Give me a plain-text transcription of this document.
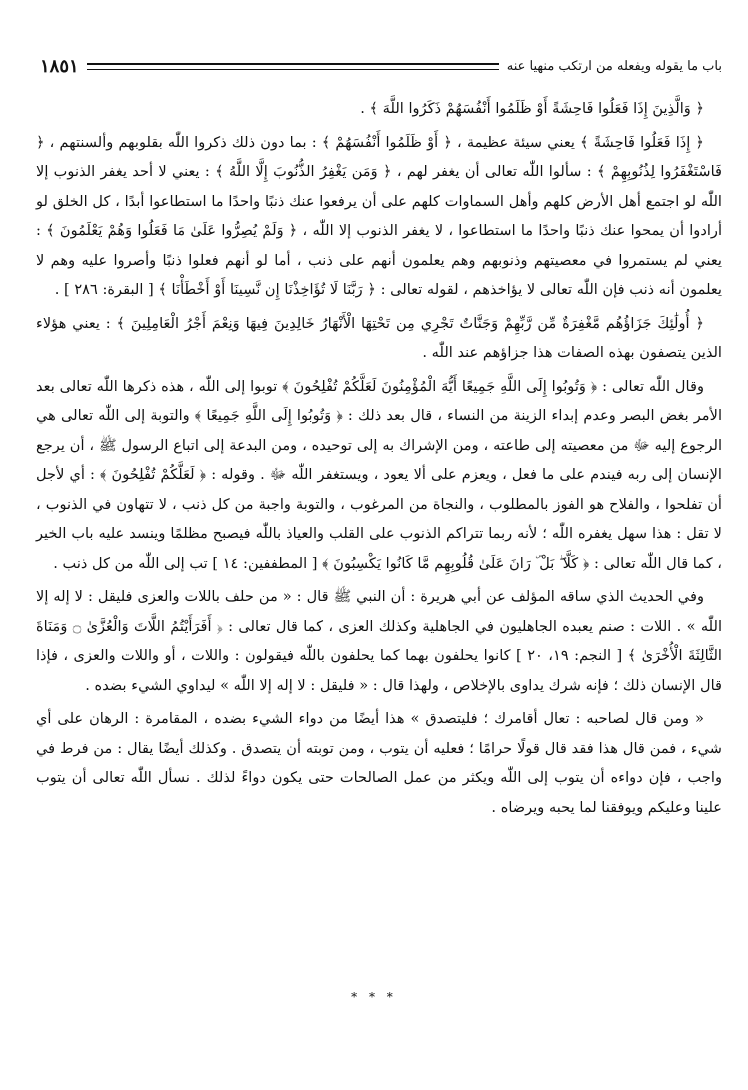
باب ما يقوله ويفعله من ارتكب منهيا عنه
١٨٥١

﴿ وَالَّذِينَ إِذَا فَعَلُوا فَاحِشَةً أَوْ ظَلَمُوا أَنْفُسَهُمْ ذَكَرُوا اللَّهَ ﴾ .

﴿ إِذَا فَعَلُوا فَاحِشَةً ﴾ يعني سيئة عظيمة ، ﴿ أَوْ ظَلَمُوا أَنْفُسَهُمْ ﴾ : بما دون ذلك ذكروا اللّٰه بقلوبهم وألسنتهم ، ﴿ فَاسْتَغْفَرُوا لِذُنُوبِهِمْ ﴾ : سألوا اللّٰه تعالى أن يغفر لهم ، ﴿ وَمَن يَغْفِرُ الذُّنُوبَ إِلَّا اللَّهُ ﴾ : يعني لا أحد يغفر الذنوب إلا اللّٰه لو اجتمع أهل الأرض كلهم وأهل السماوات كلهم على أن يرفعوا عنك ذنبًا واحدًا ما استطاعوا أبدًا ، كل الخلق لو أرادوا أن يمحوا عنك ذنبًا واحدًا ما استطاعوا ، لا يغفر الذنوب إلا اللّٰه ، ﴿ وَلَمْ يُصِرُّوا عَلَىٰ مَا فَعَلُوا وَهُمْ يَعْلَمُونَ ﴾ : يعني لم يستمروا في معصيتهم وذنوبهم وهم يعلمون أنهم على ذنب ، أما لو أنهم فعلوا ذنبًا وأصروا عليه وهم لا يعلمون أنه ذنب فإن اللّٰه تعالى لا يؤاخذهم ، لقوله تعالى : ﴿ رَبَّنَا لَا تُؤَاخِذْنَا إِن نَّسِينَا أَوْ أَخْطَأْنَا ﴾ [ البقرة: ٢٨٦ ] .

﴿ أُولَٰئِكَ جَزَاؤُهُم مَّغْفِرَةٌ مِّن رَّبِّهِمْ وَجَنَّاتٌ تَجْرِي مِن تَحْتِهَا الْأَنْهَارُ خَالِدِينَ فِيهَا وَنِعْمَ أَجْرُ الْعَامِلِينَ ﴾ : يعني هؤلاء الذين يتصفون بهذه الصفات هذا جزاؤهم عند اللّٰه .

وقال اللّٰه تعالى : ﴿ وَتُوبُوا إِلَى اللَّهِ جَمِيعًا أَيُّهَ الْمُؤْمِنُونَ لَعَلَّكُمْ تُفْلِحُونَ ﴾ توبوا إلى اللّٰه ، هذه ذكرها اللّٰه تعالى بعد الأمر بغض البصر وعدم إبداء الزينة من النساء ، قال بعد ذلك : ﴿ وَتُوبُوا إِلَى اللَّهِ جَمِيعًا ﴾ والتوبة إلى اللّٰه تعالى هي الرجوع إليه ﷻ من معصيته إلى طاعته ، ومن الإشراك به إلى توحيده ، ومن البدعة إلى اتباع الرسول ﷺ ، أن يرجع الإنسان إلى ربه فيندم على ما فعل ، ويعزم على ألا يعود ، ويستغفر اللّٰه ﷻ . وقوله : ﴿ لَعَلَّكُمْ تُفْلِحُونَ ﴾ : أي لأجل أن تفلحوا ، والفلاح هو الفوز بالمطلوب ، والنجاة من المرغوب ، والتوبة واجبة من كل ذنب ، لا تتهاون في الذنوب ، لا تقل : هذا سهل يغفره اللّٰه ؛ لأنه ربما تتراكم الذنوب على القلب والعياذ باللّٰه فيصبح مظلمًا وينسد عليه باب الخير ، كما قال اللّٰه تعالى : ﴿ كَلَّا ۖ بَلْ ۜ رَانَ عَلَىٰ قُلُوبِهِم مَّا كَانُوا يَكْسِبُونَ ﴾ [ المطففين: ١٤ ] تب إلى اللّٰه من كل ذنب .

وفي الحديث الذي ساقه المؤلف عن أبي هريرة : أن النبي ﷺ قال : « من حلف باللات والعزى فليقل : لا إله إلا اللّٰه » . اللات : صنم يعبده الجاهليون في الجاهلية وكذلك العزى ، كما قال تعالى : ﴿ أَفَرَأَيْتُمُ اللَّاتَ وَالْعُزَّىٰ ۝ وَمَنَاةَ الثَّالِثَةَ الْأُخْرَىٰ ﴾ [ النجم: ١٩، ٢٠ ] كانوا يحلفون بهما كما يحلفون باللّٰه فيقولون : واللات ، أو واللات والعزى ، فإذا قال الإنسان ذلك ؛ فإنه شرك يداوى بالإخلاص ، ولهذا قال : « فليقل : لا إله إلا اللّٰه » ليداوي الشيء بضده .

« ومن قال لصاحبه : تعال أقامرك ؛ فليتصدق » هذا أيضًا من دواء الشيء بضده ، المقامرة : الرهان على أي شيء ، فمن قال هذا فقد قال قولًا حرامًا ؛ فعليه أن يتوب ، ومن توبته أن يتصدق . وكذلك أيضًا يقال : من فرط في واجب ، فإن دواءه أن يتوب إلى اللّٰه ويكثر من عمل الصالحات حتى يكون دواءً لذلك . نسأل اللّٰه تعالى أن يتوب علينا وعليكم ويوفقنا لما يحبه ويرضاه .

* * *
